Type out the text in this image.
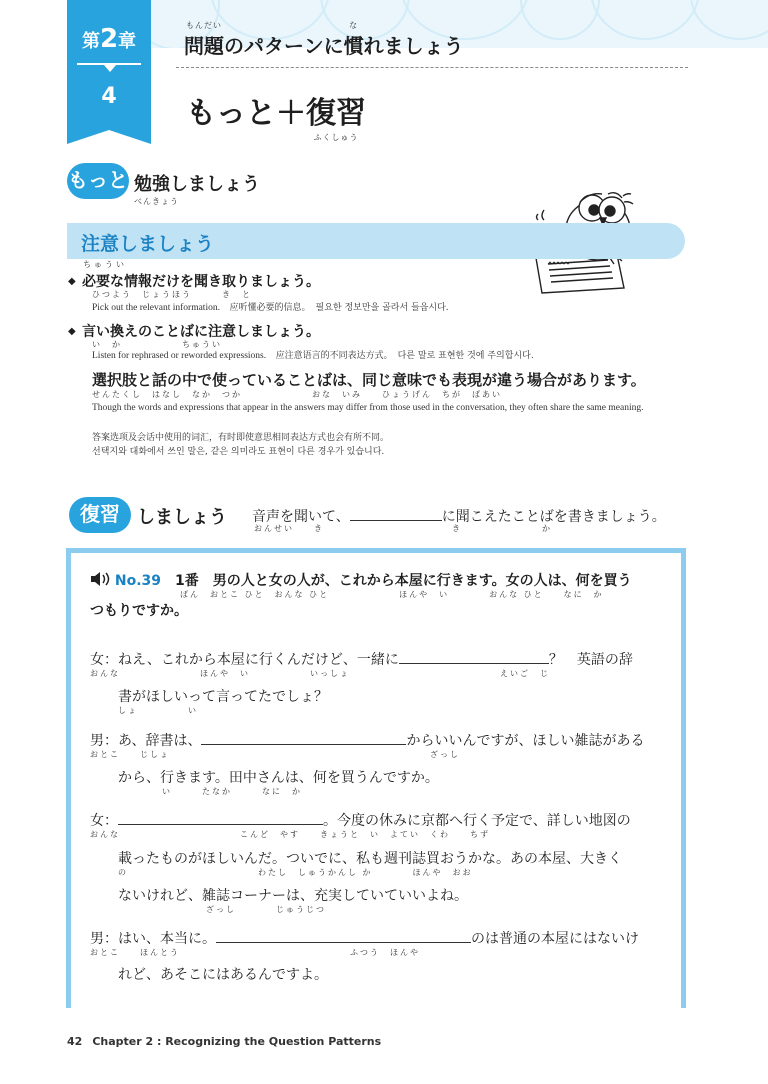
第2章
4
もんだい
問題のパターンに
な
慣れましょう
もっと＋復習
ふくしゅう
もっと 勉強
べんきょう
しましょう
注意しましょう
ちゅうい
◆ 必要な情報だけを聞き取りましょう。
ひつよう　じょうほう　　　き　と
Pick out the relevant information.　 应听懂必要的信息。　 필요한 정보만을 골라서 들읍시다.
◆ 言い換えのことばに注意しましょう。
い　か　　　　　　ちゅうい
Listen for rephrased or reworded expressions.　 应注意语言的不同表达方式。　 다른 말로 표현한 것에 주의합시다.
選択肢と話の中で使っていることばは、同じ意味でも表現が違う場合があります。
せんたくし　はなし　なか　つか　　　　　　　おな　いみ　　ひょうげん　ちが　ばあい
Though the words and expressions that appear in the answers may differ from those used in the conversation, they often share the same meaning.
答案选项及会话中使用的词汇，有时即使意思相同表达方式也会有所不同。
선택지와 대화에서 쓰인 말은, 같은 의미라도 표현이 다른 경우가 있습니다.
復習 しましょう 音声を聞いて、	に聞こえたことばを書きましょう。
おんせい　　き	き　　　　　　　　か
No.39　 1番　男の人と女の人が、これから本屋に行きます。女の人は、何を買う
ばん　おとこ ひと　おんな ひと　　　　　　　ほんや　い　　　　おんな ひと　　なに　か
つもりですか。
女：ねえ、これから本屋に行くんだけど、一緒に	？　英語の辞
おんな　　　　　　　　ほんや　い　　　　　　いっしょ　　　　　　　　　　　　　　　えいご　じ
書がほしいって言ってたでしょ？
しょ　　　　　い
男：あ、辞書は、	からいいんですが、ほしい雑誌がある
おとこ　　じしょ　　　　　　　　　　　　　　　　　　　　　　　　　　ざっし
から、行きます。田中さんは、何を買うんですか。
い　　　たなか　　　なに　か
女：	。今度の休みに京都へ行く予定で、詳しい地図の
おんな　　　　　　　　　　　　こんど　やす　　きょうと　い　よてい　くわ　　ちず
載ったものがほしいんだ。ついでに、私も週刊誌買おうかな。あの本屋、大きく
の　　　　　　　　　　　　　わたし　しゅうかんし か　　　　ほんや　おお
ないけれど、雑誌コーナーは、充実していていいよね。
ざっし　　　　じゅうじつ
男：はい、本当に。	のは普通の本屋にはないけ
おとこ　　ほんとう　　　　　　　　　　　　　　　　　ふつう　ほんや
れど、あそこにはあるんですよ。
42 Chapter 2 : Recognizing the Question Patterns
